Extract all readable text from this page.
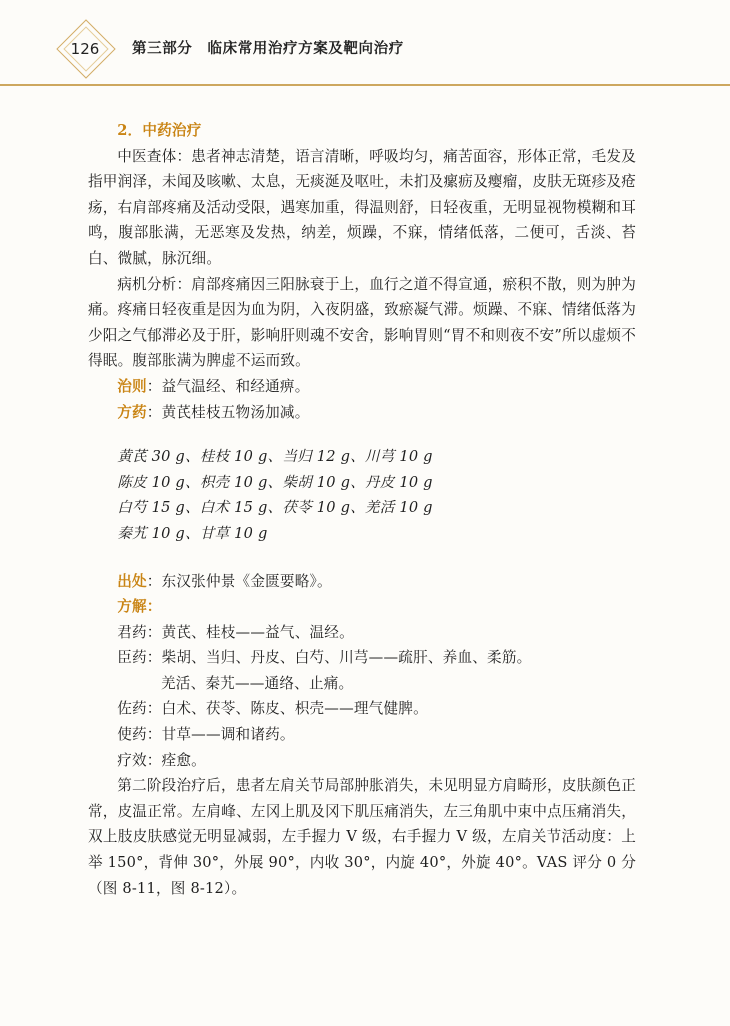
126	第三部分　临床常用治疗方案及靶向治疗

2．中药治疗

中医查体：患者神志清楚，语言清晰，呼吸均匀，痛苦面容，形体正常，毛发及指甲润泽，未闻及咳嗽、太息，无痰涎及呕吐，未扪及瘰疬及瘿瘤，皮肤无斑疹及疮疡，右肩部疼痛及活动受限，遇寒加重，得温则舒，日轻夜重，无明显视物模糊和耳鸣，腹部胀满，无恶寒及发热，纳差，烦躁，不寐，情绪低落，二便可，舌淡、苔白、微腻，脉沉细。

病机分析：肩部疼痛因三阳脉衰于上，血行之道不得宣通，瘀积不散，则为肿为痛。疼痛日轻夜重是因为血为阴，入夜阴盛，致瘀凝气滞。烦躁、不寐、情绪低落为少阳之气郁滞必及于肝，影响肝则魂不安舍，影响胃则“胃不和则夜不安”所以虚烦不得眠。腹部胀满为脾虚不运而致。

治则：益气温经、和经通痹。

方药：黄芪桂枝五物汤加减。

黄芪 30 g、桂枝 10 g、当归 12 g、川芎 10 g
陈皮 10 g、枳壳 10 g、柴胡 10 g、丹皮 10 g
白芍 15 g、白术 15 g、茯苓 10 g、羌活 10 g
秦艽 10 g、甘草 10 g

出处：东汉张仲景《金匮要略》。

方解：

君药：黄芪、桂枝——益气、温经。

臣药：柴胡、当归、丹皮、白芍、川芎——疏肝、养血、柔筋。

羌活、秦艽——通络、止痛。

佐药：白术、茯苓、陈皮、枳壳——理气健脾。

使药：甘草——调和诸药。

疗效：痊愈。

第二阶段治疗后，患者左肩关节局部肿胀消失，未见明显方肩畸形，皮肤颜色正常，皮温正常。左肩峰、左冈上肌及冈下肌压痛消失，左三角肌中束中点压痛消失，双上肢皮肤感觉无明显减弱，左手握力 V 级，右手握力 V 级，左肩关节活动度：上举 150°，背伸 30°，外展 90°，内收 30°，内旋 40°，外旋 40°。VAS 评分 0 分（图 8-11，图 8-12）。
